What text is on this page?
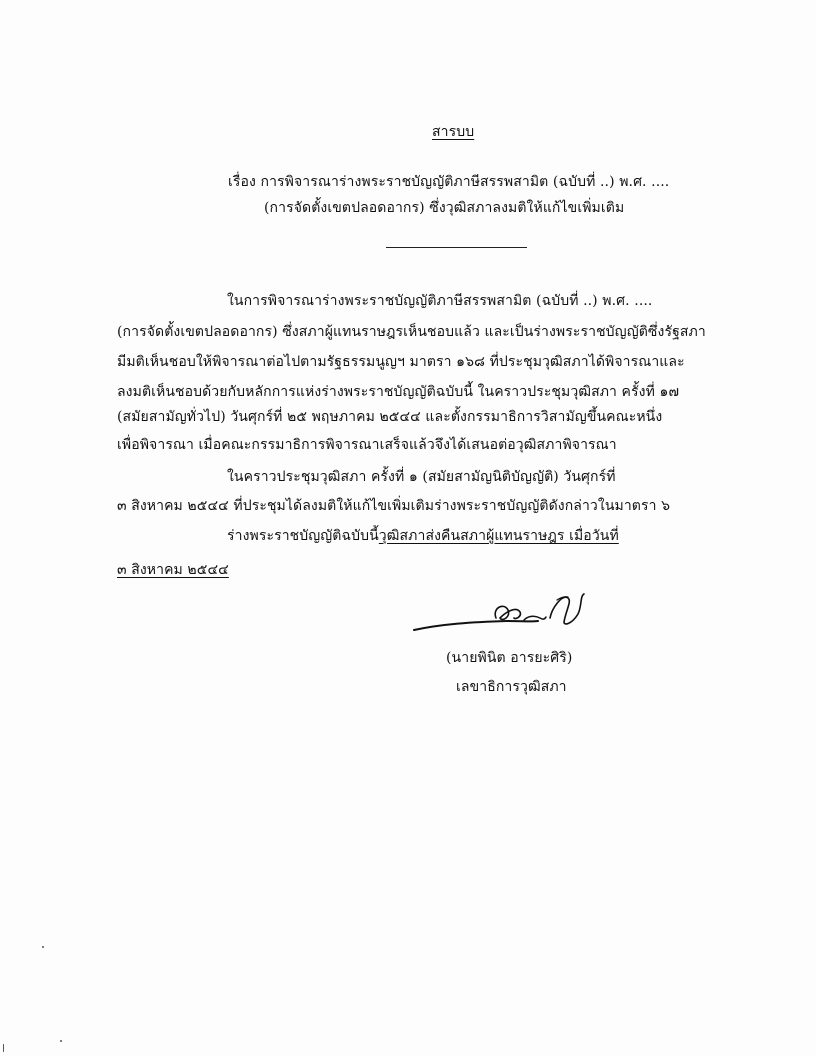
สารบบ
เรื่อง การพิจารณาร่างพระราชบัญญัติภาษีสรรพสามิต (ฉบับที่ ..) พ.ศ. ....
(การจัดตั้งเขตปลอดอากร) ซึ่งวุฒิสภาลงมติให้แก้ไขเพิ่มเติม
ในการพิจารณาร่างพระราชบัญญัติภาษีสรรพสามิต (ฉบับที่ ..) พ.ศ. ....
(การจัดตั้งเขตปลอดอากร) ซึ่งสภาผู้แทนราษฎรเห็นชอบแล้ว และเป็นร่างพระราชบัญญัติซึ่งรัฐสภา
มีมติเห็นชอบให้พิจารณาต่อไปตามรัฐธรรมนูญฯ มาตรา ๑๖๘ ที่ประชุมวุฒิสภาได้พิจารณาและ
ลงมติเห็นชอบด้วยกับหลักการแห่งร่างพระราชบัญญัติฉบับนี้ ในคราวประชุมวุฒิสภา ครั้งที่ ๑๗
(สมัยสามัญทั่วไป) วันศุกร์ที่ ๒๕ พฤษภาคม ๒๕๔๔ และตั้งกรรมาธิการวิสามัญขึ้นคณะหนึ่ง
เพื่อพิจารณา เมื่อคณะกรรมาธิการพิจารณาเสร็จแล้วจึงได้เสนอต่อวุฒิสภาพิจารณา
ในคราวประชุมวุฒิสภา ครั้งที่ ๑ (สมัยสามัญนิติบัญญัติ) วันศุกร์ที่
๓ สิงหาคม ๒๕๔๔ ที่ประชุมได้ลงมติให้แก้ไขเพิ่มเติมร่างพระราชบัญญัติดังกล่าวในมาตรา ๖
ร่างพระราชบัญญัติฉบับนี้วุฒิสภาส่งคืนสภาผู้แทนราษฎร เมื่อวันที่
๓ สิงหาคม ๒๕๔๔
(นายพินิต อารยะศิริ)
เลขาธิการวุฒิสภา
